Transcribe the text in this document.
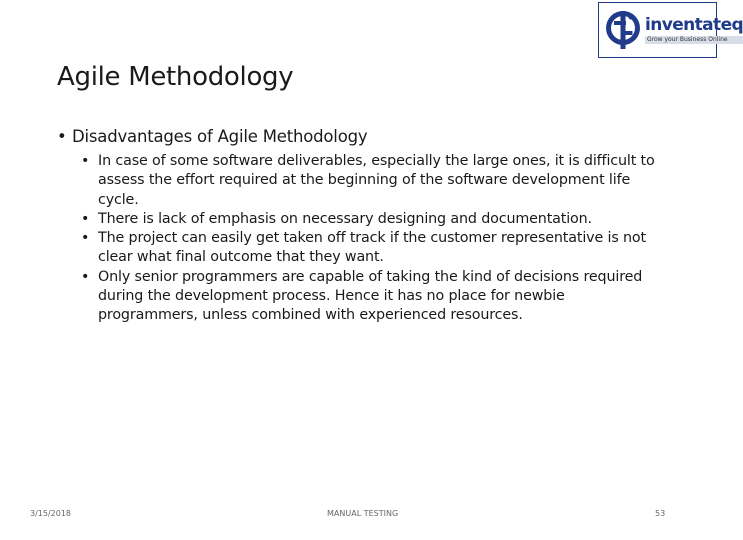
inventateq
Grow your Business Online
Agile Methodology
• Disadvantages of Agile Methodology
• In case of some software deliverables, especially the large ones, it is difficult to assess the effort required at the beginning of the software development life cycle.
• There is lack of emphasis on necessary designing and documentation.
• The project can easily get taken off track if the customer representative is not clear what final outcome that they want.
• Only senior programmers are capable of taking the kind of decisions required during the development process. Hence it has no place for newbie programmers, unless combined with experienced resources.
3/15/2018	MANUAL TESTING	53
